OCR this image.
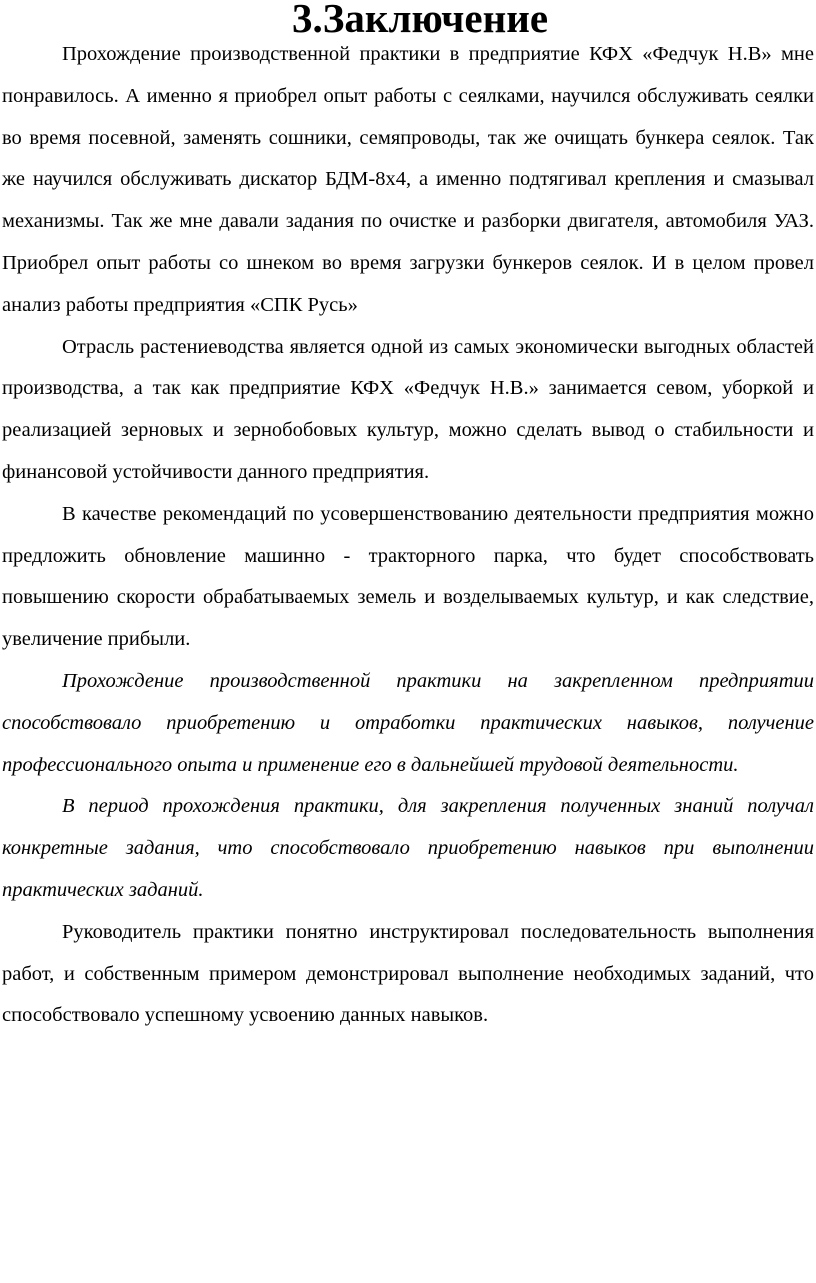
3.Заключение

Прохождение производственной практики в предприятие КФХ «Федчук Н.В» мне понравилось. А именно я приобрел опыт работы с сеялками, научился обслуживать сеялки во время посевной, заменять сошники, семяпроводы, так же очищать бункера сеялок. Так же научился обслуживать дискатор БДМ-8х4, а именно подтягивал крепления и смазывал механизмы. Так же мне давали задания по очистке и разборки двигателя, автомобиля УАЗ. Приобрел опыт работы со шнеком во время загрузки бункеров сеялок. И в целом провел анализ работы предприятия «СПК Русь»

Отрасль растениеводства является одной из самых экономически выгодных областей производства, а так как предприятие КФХ «Федчук Н.В.» занимается севом, уборкой и реализацией зерновых и зернобобовых культур, можно сделать вывод о стабильности и финансовой устойчивости данного предприятия.

В качестве рекомендаций по усовершенствованию деятельности предприятия можно предложить обновление машинно - тракторного парка, что будет способствовать повышению скорости обрабатываемых земель и возделываемых культур, и как следствие, увеличение прибыли.

Прохождение производственной практики на закрепленном предприятии способствовало приобретению и отработки практических навыков, получение профессионального опыта и применение его в дальнейшей трудовой деятельности.

В период прохождения практики, для закрепления полученных знаний получал конкретные задания, что способствовало приобретению навыков при выполнении практических заданий.

Руководитель практики понятно инструктировал последовательность выполнения работ, и собственным примером демонстрировал выполнение необходимых заданий, что способствовало успешному усвоению данных навыков.
